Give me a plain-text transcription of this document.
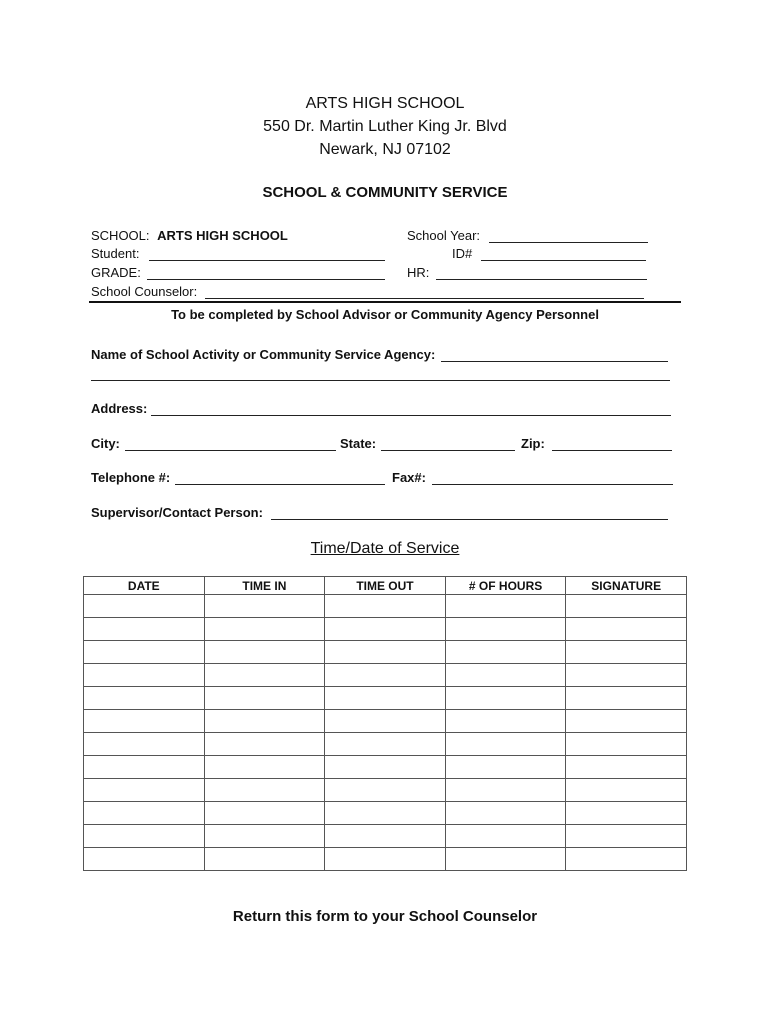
ARTS HIGH SCHOOL
550 Dr. Martin Luther King Jr. Blvd
Newark, NJ 07102
SCHOOL & COMMUNITY SERVICE
SCHOOL: ARTS HIGH SCHOOL	School Year:
Student:	ID#
GRADE:	HR:
School Counselor:
To be completed by School Advisor or Community Agency Personnel
Name of School Activity or Community Service Agency:
Address:
City:	State:	Zip:
Telephone #:	Fax#:
Supervisor/Contact Person:
Time/Date of Service
DATE	TIME IN	TIME OUT	# OF HOURS	SIGNATURE

Return this form to your School Counselor
